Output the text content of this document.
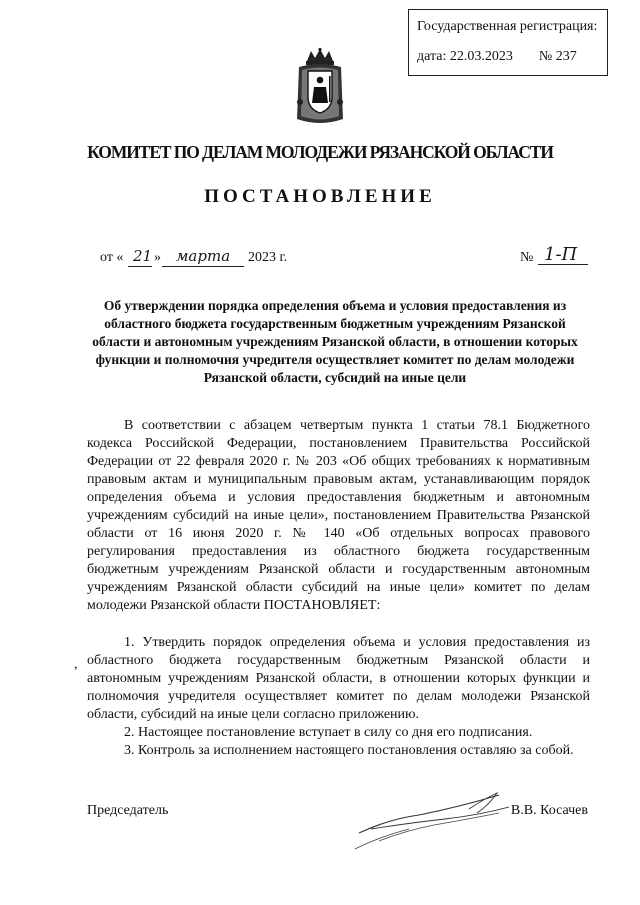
Государственная регистрация:
дата: 22.03.2023 № 237
КОМИТЕТ ПО ДЕЛАМ МОЛОДЕЖИ РЯЗАНСКОЙ ОБЛАСТИ
ПОСТАНОВЛЕНИЕ
от « 21 » марта 2023 г.	№ 1-П
Об утверждении порядка определения объема и условия предоставления из областного бюджета государственным бюджетным учреждениям Рязанской области и автономным учреждениям Рязанской области, в отношении которых функции и полномочия учредителя осуществляет комитет по делам молодежи Рязанской области, субсидий на иные цели
В соответствии с абзацем четвертым пункта 1 статьи 78.1 Бюджетного кодекса Российской Федерации, постановлением Правительства Российской Федерации от 22 февраля 2020 г. № 203 «Об общих требованиях к нормативным правовым актам и муниципальным правовым актам, устанавливающим порядок определения объема и условия предоставления бюджетным и автономным учреждениям субсидий на иные цели», постановлением Правительства Рязанской области от 16 июня 2020 г. № 140 «Об отдельных вопросах правового регулирования предоставления из областного бюджета государственным бюджетным учреждениям Рязанской области и государственным автономным учреждениям Рязанской области субсидий на иные цели» комитет по делам молодежи Рязанской области ПОСТАНОВЛЯЕТ:
,
1. Утвердить порядок определения объема и условия предоставления из областного бюджета государственным бюджетным Рязанской области и автономным учреждениям Рязанской области, в отношении которых функции и полномочия учредителя осуществляет комитет по делам молодежи Рязанской области, субсидий на иные цели согласно приложению.
2. Настоящее постановление вступает в силу со дня его подписания.
3. Контроль за исполнением настоящего постановления оставляю за собой.
Председатель	В.В. Косачев
